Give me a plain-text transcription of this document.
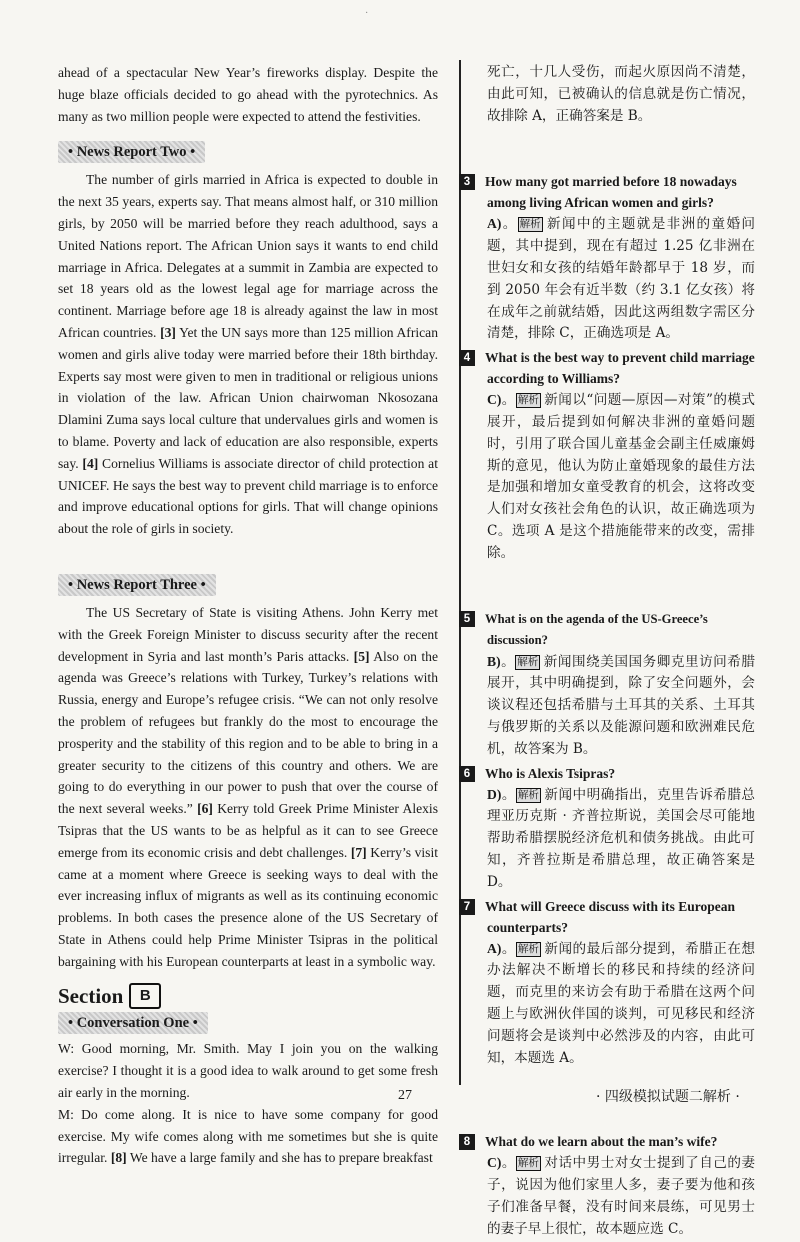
·

ahead of a spectacular New Year’s fireworks display. Despite the huge blaze officials decided to go ahead with the pyrotechnics. As many as two million people were expected to attend the festivities.

• News Report Two •

The number of girls married in Africa is expected to double in the next 35 years, experts say. That means almost half, or 310 million girls, by 2050 will be married before they reach adulthood, says a United Nations report. The African Union says it wants to end child marriage in Africa. Delegates at a summit in Zambia are expected to set 18 years old as the lowest legal age for marriage across the continent. Marriage before age 18 is already against the law in most African countries. [3] Yet the UN says more than 125 million African women and girls alive today were married before their 18th birthday. Experts say most were given to men in traditional or religious unions in violation of the law. African Union chairwoman Nkosozana Dlamini Zuma says local culture that undervalues girls and women is to blame. Poverty and lack of education are also responsible, experts say. [4] Cornelius Williams is associate director of child protection at UNICEF. He says the best way to prevent child marriage is to enforce and improve educational options for girls. That will change opinions about the role of girls in society.

• News Report Three •

The US Secretary of State is visiting Athens. John Kerry met with the Greek Foreign Minister to discuss security after the recent development in Syria and last month’s Paris attacks. [5] Also on the agenda was Greece’s relations with Turkey, Turkey’s relations with Russia, energy and Europe’s refugee crisis. “We can not only resolve the problem of refugees but frankly do the most to encourage the prosperity and the stability of this region and to be able to bring in a greater security to the citizens of this country and others. We are going to do everything in our power to push that over the course of the next several weeks.” [6] Kerry told Greek Prime Minister Alexis Tsipras that the US wants to be as helpful as it can to see Greece emerge from its economic crisis and debt challenges. [7] Kerry’s visit came at a moment where Greece is seeking ways to deal with the ever increasing influx of migrants as well as its continuing economic problems. In both cases the presence alone of the US Secretary of State in Athens could help Prime Minister Tsipras in the political bargaining with his European counterparts at least in a symbolic way.

Section	B
• Conversation One •

W: Good morning, Mr. Smith. May I join you on the walking exercise? I thought it is a good idea to walk around to get some fresh air early in the morning.

M: Do come along. It is nice to have some company for good exercise. My wife comes along with me sometimes but she is quite irregular. [8] We have a large family and she has to prepare breakfast

死亡，十几人受伤，而起火原因尚不清楚，由此可知，已被确认的信息就是伤亡情况，故排除 A，正确答案是 B。

3 How many got married before 18 nowadays among living African women and girls?
A)。 解析 新闻中的主题就是非洲的童婚问题，其中提到，现在有超过 1.25 亿非洲在世妇女和女孩的结婚年龄都早于 18 岁，而到 2050 年会有近半数（约 3.1 亿女孩）将在成年之前就结婚，因此这两组数字需区分清楚，排除 C，正确选项是 A。
4 What is the best way to prevent child marriage according to Williams?
C)。 解析 新闻以“问题—原因—对策”的模式展开，最后提到如何解决非洲的童婚问题时，引用了联合国儿童基金会副主任威廉姆斯的意见，他认为防止童婚现象的最佳方法是加强和增加女童受教育的机会，这将改变人们对女孩社会角色的认识，故正确选项为 C。选项 A 是这个措施能带来的改变，需排除。
5 What is on the agenda of the US-Greece’s discussion?
B)。 解析 新闻围绕美国国务卿克里访问希腊展开，其中明确提到，除了安全问题外，会谈议程还包括希腊与土耳其的关系、土耳其与俄罗斯的关系以及能源问题和欧洲难民危机，故答案为 B。
6 Who is Alexis Tsipras?
D)。 解析 新闻中明确指出，克里告诉希腊总理亚历克斯 · 齐普拉斯说，美国会尽可能地帮助希腊摆脱经济危机和债务挑战。由此可知，齐普拉斯是希腊总理，故正确答案是 D。
7 What will Greece discuss with its European counterparts?
A)。 解析 新闻的最后部分提到，希腊正在想办法解决不断增长的移民和持续的经济问题，而克里的来访会有助于希腊在这两个问题上与欧洲伙伴国的谈判，可见移民和经济问题将会是谈判中必然涉及的内容，由此可知，本题选 A。
8 What do we learn about the man’s wife?
C)。 解析 对话中男士对女士提到了自己的妻子，说因为他们家里人多，妻子要为他和孩子们准备早餐，没有时间来晨练，可见男士的妻子早上很忙，故本题应选 C。
27	· 四级模拟试题二解析 ·
